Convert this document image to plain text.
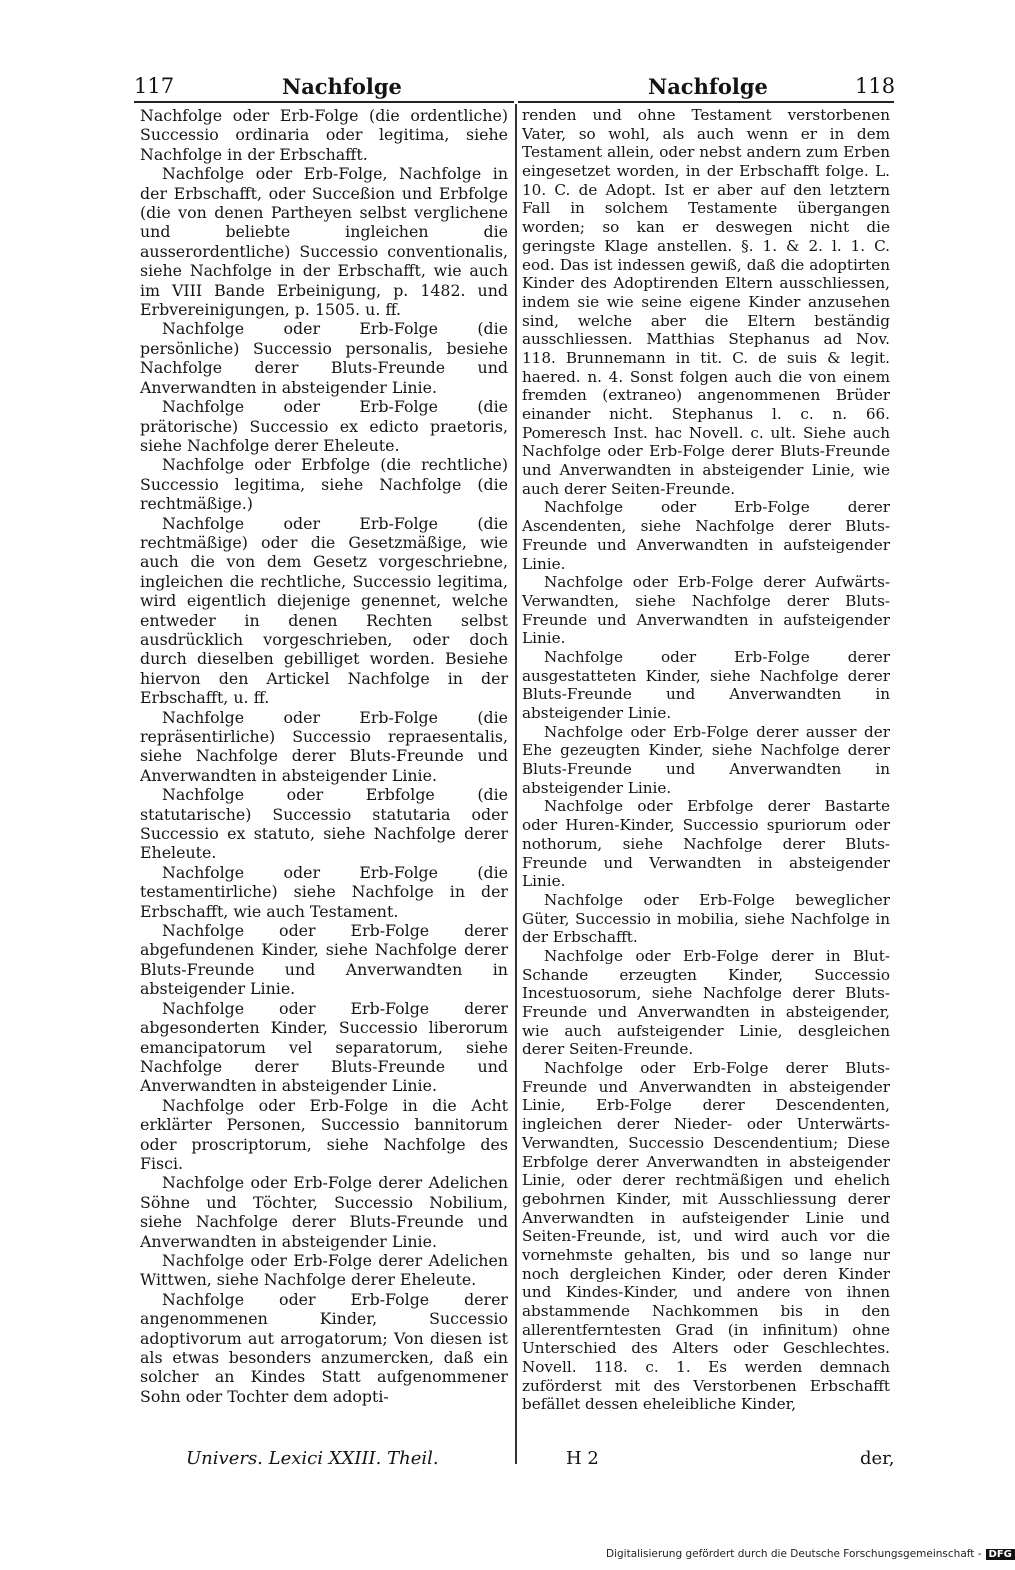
117	Nachfolge	Nachfolge	118

Nachfolge oder Erb-Folge (die ordentliche) Successio ordinaria oder legitima, siehe Nachfolge in der Erbschafft.

Nachfolge oder Erb-Folge, Nachfolge in der Erbschafft, oder Succeßion und Erbfolge (die von denen Partheyen selbst verglichene und beliebte ingleichen die ausserordentliche) Successio conventionalis, siehe Nachfolge in der Erbschafft, wie auch im VIII Bande Erbeinigung, p. 1482. und Erbvereinigungen, p. 1505. u. ff.

Nachfolge oder Erb-Folge (die persönliche) Successio personalis, besiehe Nachfolge derer Bluts-Freunde und Anverwandten in absteigender Linie.

Nachfolge oder Erb-Folge (die prätorische) Successio ex edicto praetoris, siehe Nachfolge derer Eheleute.

Nachfolge oder Erbfolge (die rechtliche) Successio legitima, siehe Nachfolge (die rechtmäßige.)

Nachfolge oder Erb-Folge (die rechtmäßige) oder die Gesetzmäßige, wie auch die von dem Gesetz vorgeschriebne, ingleichen die rechtliche, Successio legitima, wird eigentlich diejenige genennet, welche entweder in denen Rechten selbst ausdrücklich vorgeschrieben, oder doch durch dieselben gebilliget worden. Besiehe hiervon den Artickel Nachfolge in der Erbschafft, u. ff.

Nachfolge oder Erb-Folge (die repräsentirliche) Successio repraesentalis, siehe Nachfolge derer Bluts-Freunde und Anverwandten in absteigender Linie.

Nachfolge oder Erbfolge (die statutarische) Successio statutaria oder Successio ex statuto, siehe Nachfolge derer Eheleute.

Nachfolge oder Erb-Folge (die testamentirliche) siehe Nachfolge in der Erbschafft, wie auch Testament.

Nachfolge oder Erb-Folge derer abgefundenen Kinder, siehe Nachfolge derer Bluts-Freunde und Anverwandten in absteigender Linie.

Nachfolge oder Erb-Folge derer abgesonderten Kinder, Successio liberorum emancipatorum vel separatorum, siehe Nachfolge derer Bluts-Freunde und Anverwandten in absteigender Linie.

Nachfolge oder Erb-Folge in die Acht erklärter Personen, Successio bannitorum oder proscriptorum, siehe Nachfolge des Fisci.

Nachfolge oder Erb-Folge derer Adelichen Söhne und Töchter, Successio Nobilium, siehe Nachfolge derer Bluts-Freunde und Anverwandten in absteigender Linie.

Nachfolge oder Erb-Folge derer Adelichen Wittwen, siehe Nachfolge derer Eheleute.

Nachfolge oder Erb-Folge derer angenommenen Kinder, Successio adoptivorum aut arrogatorum; Von diesen ist als etwas besonders anzumercken, daß ein solcher an Kindes Statt aufgenommener Sohn oder Tochter dem adopti-

renden und ohne Testament verstorbenen Vater, so wohl, als auch wenn er in dem Testament allein, oder nebst andern zum Erben eingesetzet worden, in der Erbschafft folge. L. 10. C. de Adopt. Ist er aber auf den letztern Fall in solchem Testamente übergangen worden; so kan er deswegen nicht die geringste Klage anstellen. §. 1. & 2. l. 1. C. eod. Das ist indessen gewiß, daß die adoptirten Kinder des Adoptirenden Eltern ausschliessen, indem sie wie seine eigene Kinder anzusehen sind, welche aber die Eltern beständig ausschliessen. Matthias Stephanus ad Nov. 118. Brunnemann in tit. C. de suis & legit. haered. n. 4. Sonst folgen auch die von einem fremden (extraneo) angenommenen Brüder einander nicht. Stephanus l. c. n. 66. Pomeresch Inst. hac Novell. c. ult. Siehe auch Nachfolge oder Erb-Folge derer Bluts-Freunde und Anverwandten in absteigender Linie, wie auch derer Seiten-Freunde.

Nachfolge oder Erb-Folge derer Ascendenten, siehe Nachfolge derer Bluts-Freunde und Anverwandten in aufsteigender Linie.

Nachfolge oder Erb-Folge derer Aufwärts-Verwandten, siehe Nachfolge derer Bluts-Freunde und Anverwandten in aufsteigender Linie.

Nachfolge oder Erb-Folge derer ausgestatteten Kinder, siehe Nachfolge derer Bluts-Freunde und Anverwandten in absteigender Linie.

Nachfolge oder Erb-Folge derer ausser der Ehe gezeugten Kinder, siehe Nachfolge derer Bluts-Freunde und Anverwandten in absteigender Linie.

Nachfolge oder Erbfolge derer Bastarte oder Huren-Kinder, Successio spuriorum oder nothorum, siehe Nachfolge derer Bluts-Freunde und Verwandten in absteigender Linie.

Nachfolge oder Erb-Folge beweglicher Güter, Successio in mobilia, siehe Nachfolge in der Erbschafft.

Nachfolge oder Erb-Folge derer in Blut-Schande erzeugten Kinder, Successio Incestuosorum, siehe Nachfolge derer Bluts-Freunde und Anverwandten in absteigender, wie auch aufsteigender Linie, desgleichen derer Seiten-Freunde.

Nachfolge oder Erb-Folge derer Bluts-Freunde und Anverwandten in absteigender Linie, Erb-Folge derer Descendenten, ingleichen derer Nieder- oder Unterwärts-Verwandten, Successio Descendentium; Diese Erbfolge derer Anverwandten in absteigender Linie, oder derer rechtmäßigen und ehelich gebohrnen Kinder, mit Ausschliessung derer Anverwandten in aufsteigender Linie und Seiten-Freunde, ist, und wird auch vor die vornehmste gehalten, bis und so lange nur noch dergleichen Kinder, oder deren Kinder und Kindes-Kinder, und andere von ihnen abstammende Nachkommen bis in den allerentferntesten Grad (in infinitum) ohne Unterschied des Alters oder Geschlechtes. Novell. 118. c. 1. Es werden demnach zuförderst mit des Verstorbenen Erbschafft befället dessen eheleibliche Kinder,

Univers. Lexici XXIII. Theil.	H 2	der,
Digitalisierung gefördert durch die Deutsche Forschungsgemeinschaft - DFG
